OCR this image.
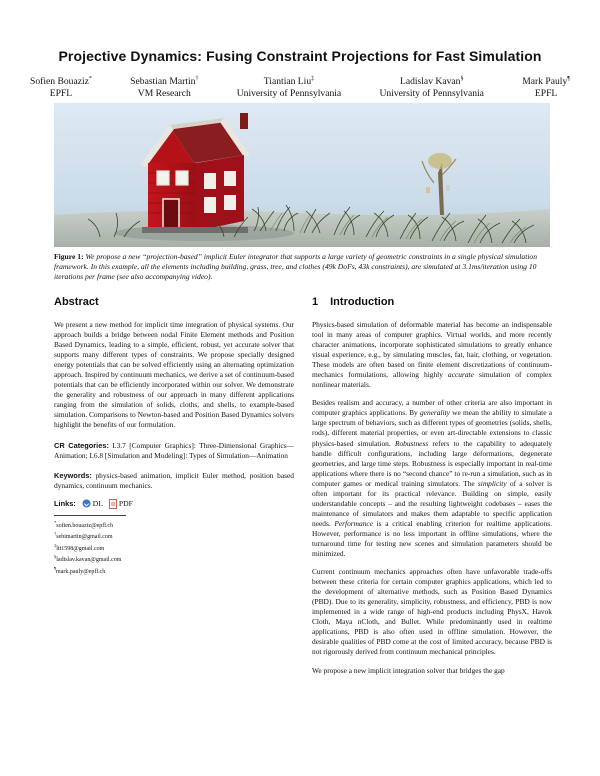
Projective Dynamics: Fusing Constraint Projections for Fast Simulation
Sofien Bouaziz*
EPFL
Sebastian Martin†
VM Research
Tiantian Liu‡
University of Pennsylvania
Ladislav Kavan§
University of Pennsylvania
Mark Pauly¶
EPFL
Figure 1: We propose a new “projection-based” implicit Euler integrator that supports a large variety of geometric constraints in a single physical simulation framework. In this example, all the elements including building, grass, tree, and clothes (49k DoFs, 43k constraints), are simulated at 3.1ms/iteration using 10 iterations per frame (see also accompanying video).
Abstract

We present a new method for implicit time integration of physical systems. Our approach builds a bridge between nodal Finite Element methods and Position Based Dynamics, leading to a simple, efficient, robust, yet accurate solver that supports many different types of constraints. We propose specially designed energy potentials that can be solved efficiently using an alternating optimization approach. Inspired by continuum mechanics, we derive a set of continuum-based potentials that can be efficiently incorporated within our solver. We demonstrate the generality and robustness of our approach in many different applications ranging from the simulation of solids, cloths, and shells, to example-based simulation. Comparisons to Newton-based and Position Based Dynamics solvers highlight the benefits of our formulation.

CR Categories: I.3.7 [Computer Graphics]: Three-Dimensional Graphics—Animation; I.6.8 [Simulation and Modeling]: Types of Simulation—Animation

Keywords: physics-based animation, implicit Euler method, position based dynamics, continuum mechanics.

Links: DL PDF
*sofien.bouaziz@epfl.ch
†sebimartin@gmail.com
‡ltt1598@gmail.com
§ladislav.kavan@gmail.com
¶mark.pauly@epfl.ch
1 Introduction

Physics-based simulation of deformable material has become an indispensable tool in many areas of computer graphics. Virtual worlds, and more recently character animations, incorporate sophisticated simulations to greatly enhance visual experience, e.g., by simulating muscles, fat, hair, clothing, or vegetation. These models are often based on finite element discretizations of continuum-mechanics formulations, allowing highly accurate simulation of complex nonlinear materials.

Besides realism and accuracy, a number of other criteria are also important in computer graphics applications. By generality we mean the ability to simulate a large spectrum of behaviors, such as different types of geometries (solids, shells, rods), different material properties, or even art-directable extensions to classic physics-based simulation. Robustness refers to the capability to adequately handle difficult configurations, including large deformations, degenerate geometries, and large time steps. Robustness is especially important in real-time applications where there is no “second chance” to re-run a simulation, such as in computer games or medical training simulators. The simplicity of a solver is often important for its practical relevance. Building on simple, easily understandable concepts – and the resulting lightweight codebases – eases the maintenance of simulators and makes them adaptable to specific application needs. Performance is a critical enabling criterion for realtime applications. However, performance is no less important in offline simulations, where the turnaround time for testing new scenes and simulation parameters should be minimized.

Current continuum mechanics approaches often have unfavorable trade-offs between these criteria for certain computer graphics applications, which led to the development of alternative methods, such as Position Based Dynamics (PBD). Due to its generality, simplicity, robustness, and efficiency, PBD is now implemented in a wide range of high-end products including PhysX, Havok Cloth, Maya nCloth, and Bullet. While predominantly used in realtime applications, PBD is also often used in offline simulation. However, the desirable qualities of PBD come at the cost of limited accuracy, because PBD is not rigorously derived from continuum mechanical principles.

We propose a new implicit integration solver that bridges the gap
